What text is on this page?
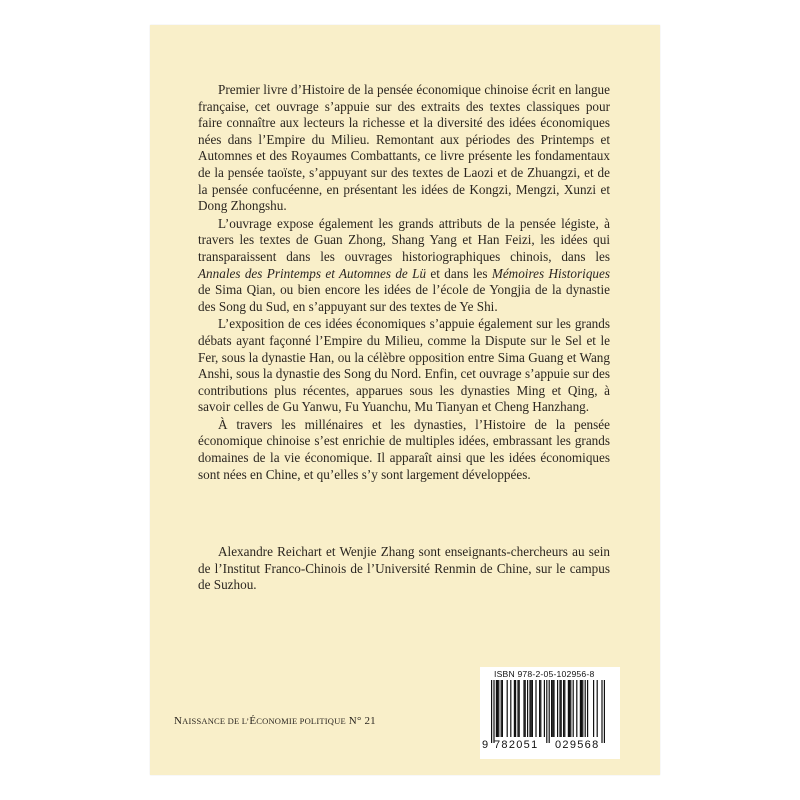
Premier livre d’Histoire de la pensée économique chinoise écrit en langue française, cet ouvrage s’appuie sur des extraits des textes classiques pour faire connaître aux lecteurs la richesse et la diversité des idées économiques nées dans l’Empire du Milieu. Remontant aux périodes des Printemps et Automnes et des Royaumes Combattants, ce livre présente les fondamentaux de la pensée taoïste, s’appuyant sur des textes de Laozi et de Zhuangzi, et de la pensée confucéenne, en présentant les idées de Kongzi, Mengzi, Xunzi et Dong Zhongshu.

L’ouvrage expose également les grands attributs de la pensée légiste, à travers les textes de Guan Zhong, Shang Yang et Han Feizi, les idées qui transparaissent dans les ouvrages historiographiques chinois, dans les Annales des Printemps et Automnes de Lü et dans les Mémoires Historiques de Sima Qian, ou bien encore les idées de l’école de Yongjia de la dynastie des Song du Sud, en s’appuyant sur des textes de Ye Shi.

L’exposition de ces idées économiques s’appuie également sur les grands débats ayant façonné l’Empire du Milieu, comme la Dispute sur le Sel et le Fer, sous la dynastie Han, ou la célèbre opposition entre Sima Guang et Wang Anshi, sous la dynastie des Song du Nord. Enfin, cet ouvrage s’appuie sur des contributions plus récentes, apparues sous les dynasties Ming et Qing, à savoir celles de Gu Yanwu, Fu Yuanchu, Mu Tianyan et Cheng Hanzhang.

À travers les millénaires et les dynasties, l’Histoire de la pensée économique chinoise s’est enrichie de multiples idées, embrassant les grands domaines de la vie économique. Il apparaît ainsi que les idées économiques sont nées en Chine, et qu’elles s’y sont largement développées.

Alexandre Reichart et Wenjie Zhang sont enseignants-chercheurs au sein de l’Institut Franco-Chinois de l’Université Renmin de Chine, sur le campus de Suzhou.

NAISSANCE DE L’ÉCONOMIE POLITIQUE N° 21
ISBN 978-2-05-102956-8
9 782051 029568
